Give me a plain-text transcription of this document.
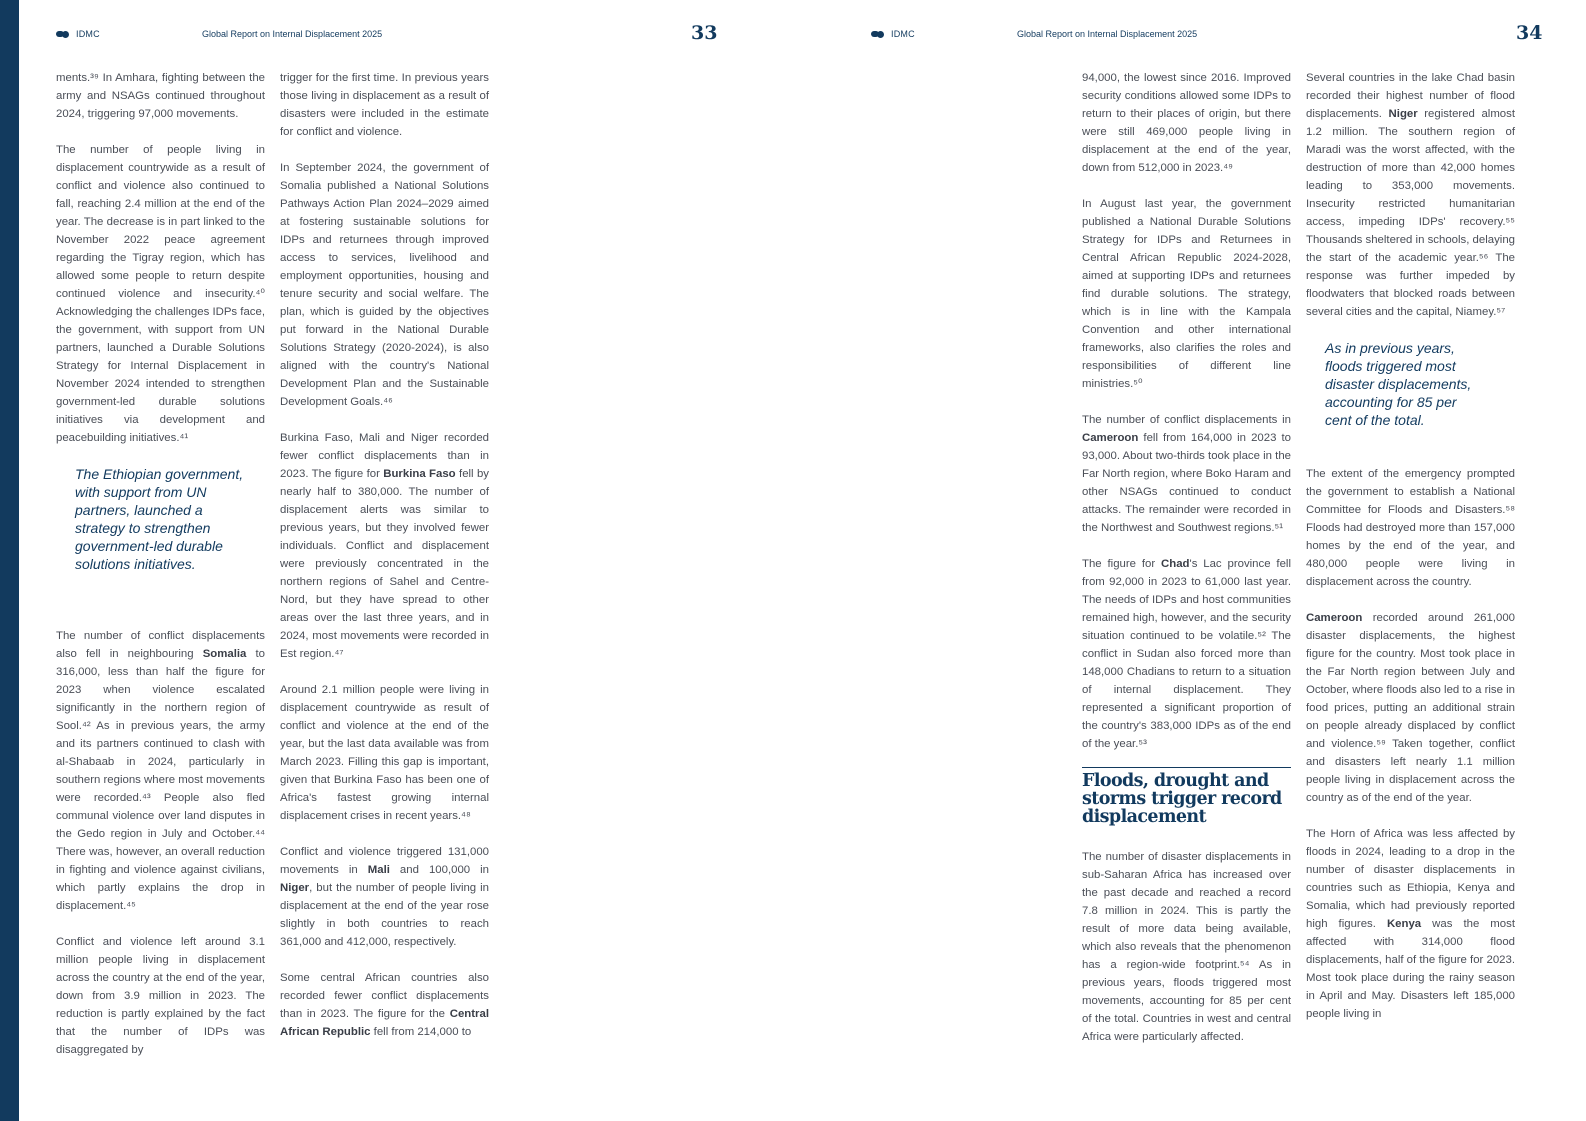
IDMC	Global Report on Internal Displacement 2025	33	IDMC	Global Report on Internal Displacement 2025	34

ments.³⁹ In Amhara, fighting between the army and NSAGs continued throughout 2024, triggering 97,000 movements.

The number of people living in displacement countrywide as a result of conflict and violence also continued to fall, reaching 2.4 million at the end of the year. The decrease is in part linked to the November 2022 peace agreement regarding the Tigray region, which has allowed some people to return despite continued violence and insecurity.⁴⁰ Acknowledging the challenges IDPs face, the government, with support from UN partners, launched a Durable Solutions Strategy for Internal Displacement in November 2024 intended to strengthen government-led durable solutions initiatives via development and peacebuilding initiatives.⁴¹

The Ethiopian government, with support from UN partners, launched a strategy to strengthen government-led durable solutions initiatives.

The number of conflict displacements also fell in neighbouring Somalia to 316,000, less than half the figure for 2023 when violence escalated significantly in the northern region of Sool.⁴² As in previous years, the army and its partners continued to clash with al-Shabaab in 2024, particularly in southern regions where most movements were recorded.⁴³ People also fled communal violence over land disputes in the Gedo region in July and October.⁴⁴ There was, however, an overall reduction in fighting and violence against civilians, which partly explains the drop in displacement.⁴⁵

Conflict and violence left around 3.1 million people living in displacement across the country at the end of the year, down from 3.9 million in 2023. The reduction is partly explained by the fact that the number of IDPs was disaggregated by

trigger for the first time. In previous years those living in displacement as a result of disasters were included in the estimate for conflict and violence.

In September 2024, the government of Somalia published a National Solutions Pathways Action Plan 2024–2029 aimed at fostering sustainable solutions for IDPs and returnees through improved access to services, livelihood and employment opportunities, housing and tenure security and social welfare. The plan, which is guided by the objectives put forward in the National Durable Solutions Strategy (2020-2024), is also aligned with the country's National Development Plan and the Sustainable Development Goals.⁴⁶

Burkina Faso, Mali and Niger recorded fewer conflict displacements than in 2023. The figure for Burkina Faso fell by nearly half to 380,000. The number of displacement alerts was similar to previous years, but they involved fewer individuals. Conflict and displacement were previously concentrated in the northern regions of Sahel and Centre-Nord, but they have spread to other areas over the last three years, and in 2024, most movements were recorded in Est region.⁴⁷

Around 2.1 million people were living in displacement countrywide as result of conflict and violence at the end of the year, but the last data available was from March 2023. Filling this gap is important, given that Burkina Faso has been one of Africa's fastest growing internal displacement crises in recent years.⁴⁸

Conflict and violence triggered 131,000 movements in Mali and 100,000 in Niger, but the number of people living in displacement at the end of the year rose slightly in both countries to reach 361,000 and 412,000, respectively.

Some central African countries also recorded fewer conflict displacements than in 2023. The figure for the Central African Republic fell from 214,000 to

94,000, the lowest since 2016. Improved security conditions allowed some IDPs to return to their places of origin, but there were still 469,000 people living in displacement at the end of the year, down from 512,000 in 2023.⁴⁹

In August last year, the government published a National Durable Solutions Strategy for IDPs and Returnees in Central African Republic 2024-2028, aimed at supporting IDPs and returnees find durable solutions. The strategy, which is in line with the Kampala Convention and other international frameworks, also clarifies the roles and responsibilities of different line ministries.⁵⁰

The number of conflict displacements in Cameroon fell from 164,000 in 2023 to 93,000. About two-thirds took place in the Far North region, where Boko Haram and other NSAGs continued to conduct attacks. The remainder were recorded in the Northwest and Southwest regions.⁵¹

The figure for Chad's Lac province fell from 92,000 in 2023 to 61,000 last year. The needs of IDPs and host communities remained high, however, and the security situation continued to be volatile.⁵² The conflict in Sudan also forced more than 148,000 Chadians to return to a situation of internal displacement. They represented a significant proportion of the country's 383,000 IDPs as of the end of the year.⁵³

Floods, drought and storms trigger record displacement

The number of disaster displacements in sub-Saharan Africa has increased over the past decade and reached a record 7.8 million in 2024. This is partly the result of more data being available, which also reveals that the phenomenon has a region-wide footprint.⁵⁴ As in previous years, floods triggered most movements, accounting for 85 per cent of the total. Countries in west and central Africa were particularly affected.

Several countries in the lake Chad basin recorded their highest number of flood displacements. Niger registered almost 1.2 million. The southern region of Maradi was the worst affected, with the destruction of more than 42,000 homes leading to 353,000 movements. Insecurity restricted humanitarian access, impeding IDPs' recovery.⁵⁵ Thousands sheltered in schools, delaying the start of the academic year.⁵⁶ The response was further impeded by floodwaters that blocked roads between several cities and the capital, Niamey.⁵⁷

As in previous years, floods triggered most disaster displacements, accounting for 85 per cent of the total.

The extent of the emergency prompted the government to establish a National Committee for Floods and Disasters.⁵⁸ Floods had destroyed more than 157,000 homes by the end of the year, and 480,000 people were living in displacement across the country.

Cameroon recorded around 261,000 disaster displacements, the highest figure for the country. Most took place in the Far North region between July and October, where floods also led to a rise in food prices, putting an additional strain on people already displaced by conflict and violence.⁵⁹ Taken together, conflict and disasters left nearly 1.1 million people living in displacement across the country as of the end of the year.

The Horn of Africa was less affected by floods in 2024, leading to a drop in the number of disaster displacements in countries such as Ethiopia, Kenya and Somalia, which had previously reported high figures. Kenya was the most affected with 314,000 flood displacements, half of the figure for 2023. Most took place during the rainy season in April and May. Disasters left 185,000 people living in
